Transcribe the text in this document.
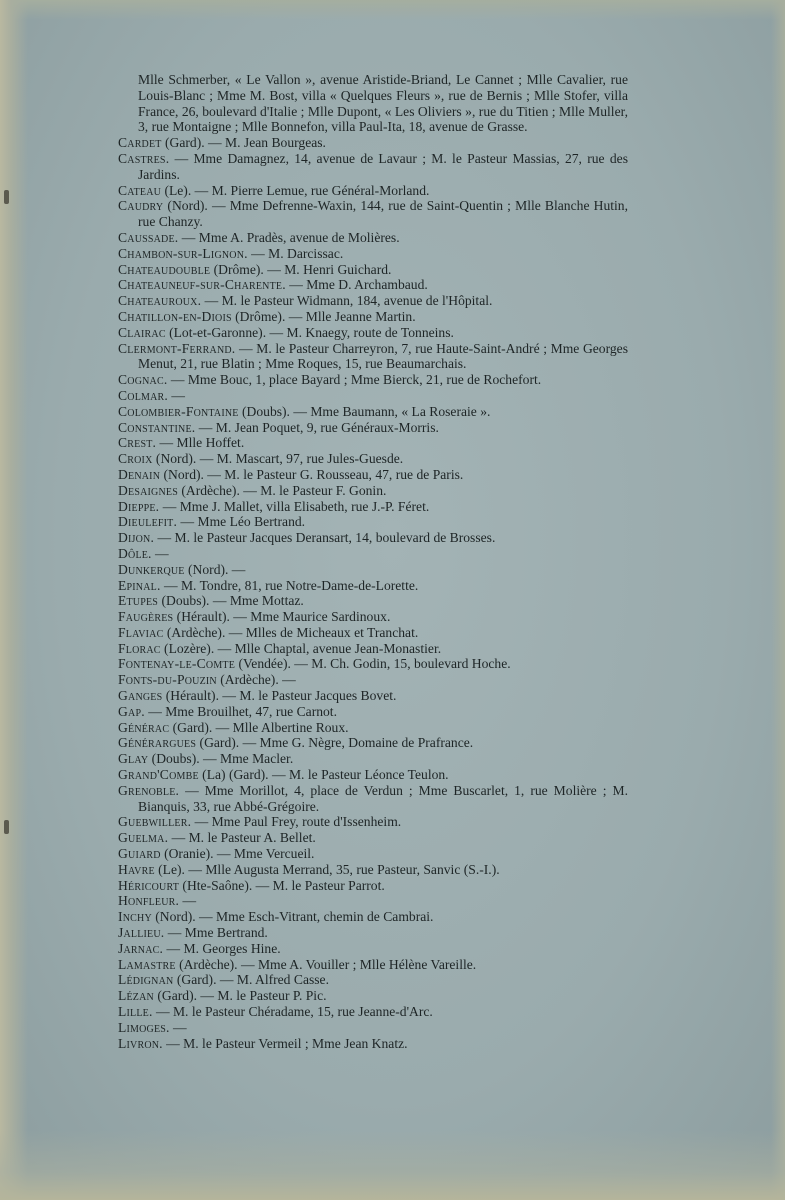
Mlle Schmerber, « Le Vallon », avenue Aristide-Briand, Le Cannet ; Mlle Cavalier, rue Louis-Blanc ; Mme M. Bost, villa « Quelques Fleurs », rue de Bernis ; Mlle Stofer, villa France, 26, boulevard d'Italie ; Mlle Dupont, « Les Oliviers », rue du Titien ; Mlle Muller, 3, rue Montaigne ; Mlle Bonnefon, villa Paul-Ita, 18, avenue de Grasse.

Cardet (Gard). — M. Jean Bourgeas.

Castres. — Mme Damagnez, 14, avenue de Lavaur ; M. le Pasteur Massias, 27, rue des Jardins.

Cateau (Le). — M. Pierre Lemue, rue Général-Morland.

Caudry (Nord). — Mme Defrenne-Waxin, 144, rue de Saint-Quentin ; Mlle Blanche Hutin, rue Chanzy.

Caussade. — Mme A. Pradès, avenue de Molières.

Chambon-sur-Lignon. — M. Darcissac.

Chateaudouble (Drôme). — M. Henri Guichard.

Chateauneuf-sur-Charente. — Mme D. Archambaud.

Chateauroux. — M. le Pasteur Widmann, 184, avenue de l'Hôpital.

Chatillon-en-Diois (Drôme). — Mlle Jeanne Martin.

Clairac (Lot-et-Garonne). — M. Knaegy, route de Tonneins.

Clermont-Ferrand. — M. le Pasteur Charreyron, 7, rue Haute-Saint-André ; Mme Georges Menut, 21, rue Blatin ; Mme Roques, 15, rue Beaumarchais.

Cognac. — Mme Bouc, 1, place Bayard ; Mme Bierck, 21, rue de Rochefort.

Colmar. —

Colombier-Fontaine (Doubs). — Mme Baumann, « La Roseraie ».

Constantine. — M. Jean Poquet, 9, rue Généraux-Morris.

Crest. — Mlle Hoffet.

Croix (Nord). — M. Mascart, 97, rue Jules-Guesde.

Denain (Nord). — M. le Pasteur G. Rousseau, 47, rue de Paris.

Desaignes (Ardèche). — M. le Pasteur F. Gonin.

Dieppe. — Mme J. Mallet, villa Elisabeth, rue J.-P. Féret.

Dieulefit. — Mme Léo Bertrand.

Dijon. — M. le Pasteur Jacques Deransart, 14, boulevard de Brosses.

Dôle. —

Dunkerque (Nord). —

Epinal. — M. Tondre, 81, rue Notre-Dame-de-Lorette.

Etupes (Doubs). — Mme Mottaz.

Faugères (Hérault). — Mme Maurice Sardinoux.

Flaviac (Ardèche). — Mlles de Micheaux et Tranchat.

Florac (Lozère). — Mlle Chaptal, avenue Jean-Monastier.

Fontenay-le-Comte (Vendée). — M. Ch. Godin, 15, boulevard Hoche.

Fonts-du-Pouzin (Ardèche). —

Ganges (Hérault). — M. le Pasteur Jacques Bovet.

Gap. — Mme Brouilhet, 47, rue Carnot.

Générac (Gard). — Mlle Albertine Roux.

Générargues (Gard). — Mme G. Nègre, Domaine de Prafrance.

Glay (Doubs). — Mme Macler.

Grand'Combe (La) (Gard). — M. le Pasteur Léonce Teulon.

Grenoble. — Mme Morillot, 4, place de Verdun ; Mme Buscarlet, 1, rue Molière ; M. Bianquis, 33, rue Abbé-Grégoire.

Guebwiller. — Mme Paul Frey, route d'Issenheim.

Guelma. — M. le Pasteur A. Bellet.

Guiard (Oranie). — Mme Vercueil.

Havre (Le). — Mlle Augusta Merrand, 35, rue Pasteur, Sanvic (S.-I.).

Héricourt (Hte-Saône). — M. le Pasteur Parrot.

Honfleur. —

Inchy (Nord). — Mme Esch-Vitrant, chemin de Cambrai.

Jallieu. — Mme Bertrand.

Jarnac. — M. Georges Hine.

Lamastre (Ardèche). — Mme A. Vouiller ; Mlle Hélène Vareille.

Lédignan (Gard). — M. Alfred Casse.

Lézan (Gard). — M. le Pasteur P. Pic.

Lille. — M. le Pasteur Chéradame, 15, rue Jeanne-d'Arc.

Limoges. —

Livron. — M. le Pasteur Vermeil ; Mme Jean Knatz.
